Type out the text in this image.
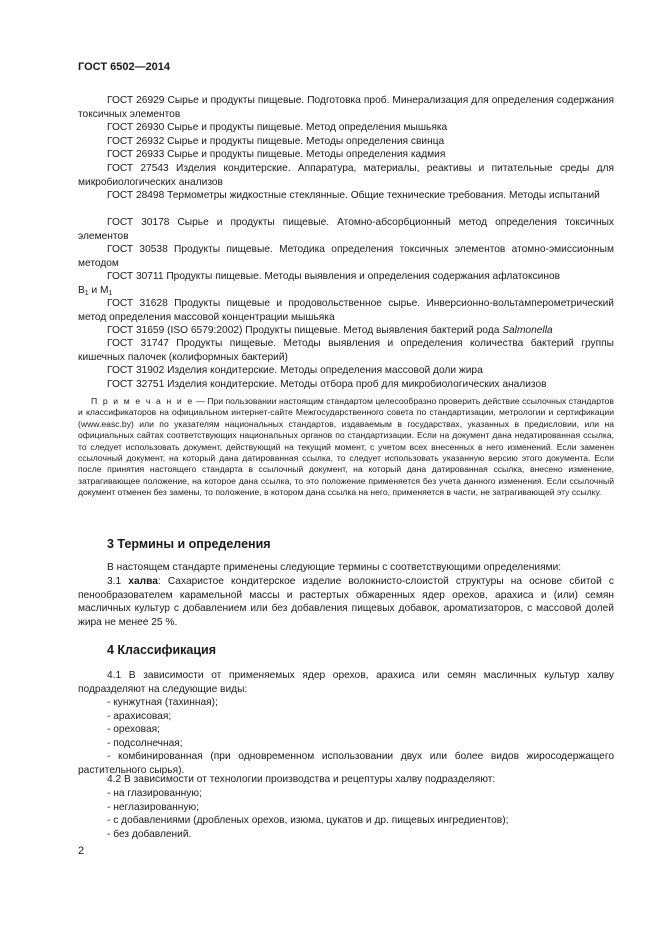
ГОСТ 6502—2014
ГОСТ 26929 Сырье и продукты пищевые. Подготовка проб. Минерализация для определения содержания токсичных элементов
ГОСТ 26930 Сырье и продукты пищевые. Метод определения мышьяка
ГОСТ 26932 Сырье и продукты пищевые. Методы определения свинца
ГОСТ 26933 Сырье и продукты пищевые. Методы определения кадмия
ГОСТ 27543 Изделия кондитерские. Аппаратура, материалы, реактивы и питательные среды для микробиологических анализов
ГОСТ 28498 Термометры жидкостные стеклянные. Общие технические требования. Методы испытаний
ГОСТ 30178 Сырье и продукты пищевые. Атомно-абсорбционный метод определения токсичных элементов
ГОСТ 30538 Продукты пищевые. Методика определения токсичных элементов атомно-эмиссионным методом
ГОСТ 30711 Продукты пищевые. Методы выявления и определения содержания афлатоксинов
$B_1$ и $M_1$
ГОСТ 31628 Продукты пищевые и продовольственное сырье. Инверсионно-вольтамперометрический метод определения массовой концентрации мышьяка
ГОСТ 31659 (ISO 6579:2002) Продукты пищевые. Метод выявления бактерий рода Salmonella
ГОСТ 31747 Продукты пищевые. Методы выявления и определения количества бактерий группы кишечных палочек (колиформных бактерий)
ГОСТ 31902 Изделия кондитерские. Методы определения массовой доли жира
ГОСТ 32751 Изделия кондитерские. Методы отбора проб для микробиологических анализов
П р и м е ч а н и е — При пользовании настоящим стандартом целесообразно проверить действие ссылочных стандартов и классификаторов на официальном интернет-сайте Межгосударственного совета по стандартизации, метрологии и сертификации (www.easc.by) или по указателям национальных стандартов, издаваемым в государствах, указанных в предисловии, или на официальных сайтах соответствующих национальных органов по стандартизации. Если на документ дана недатированная ссылка, то следует использовать документ, действующий на текущий момент, с учетом всех внесенных в него изменений. Если заменен ссылочный документ, на который дана датированная ссылка, то следует использовать указанную версию этого документа. Если после принятия настоящего стандарта в ссылочный документ, на который дана датированная ссылка, внесено изменение, затрагивающее положение, на которое дана ссылка, то это положение применяется без учета данного изменения. Если ссылочный документ отменен без замены, то положение, в котором дана ссылка на него, применяется в части, не затрагивающей эту ссылку.
3 Термины и определения
В настоящем стандарте применены следующие термины с соответствующими определениями:
3.1 халва: Сахаристое кондитерское изделие волокнисто-слоистой структуры на основе сбитой с пенообразователем карамельной массы и растертых обжаренных ядер орехов, арахиса и (или) семян масличных культур с добавлением или без добавления пищевых добавок, ароматизаторов, с массовой долей жира не менее 25 %.
4 Классификация
4.1 В зависимости от применяемых ядер орехов, арахиса или семян масличных культур халву подразделяют на следующие виды:
- кунжутная (тахинная);
- арахисовая;
- ореховая;
- подсолнечная;
- комбинированная (при одновременном использовании двух или более видов жиросодержащего растительного сырья).
4.2 В зависимости от технологии производства и рецептуры халву подразделяют:
- на глазированную;
- неглазированную;
- с добавлениями (дробленых орехов, изюма, цукатов и др. пищевых ингредиентов);
- без добавлений.
2
